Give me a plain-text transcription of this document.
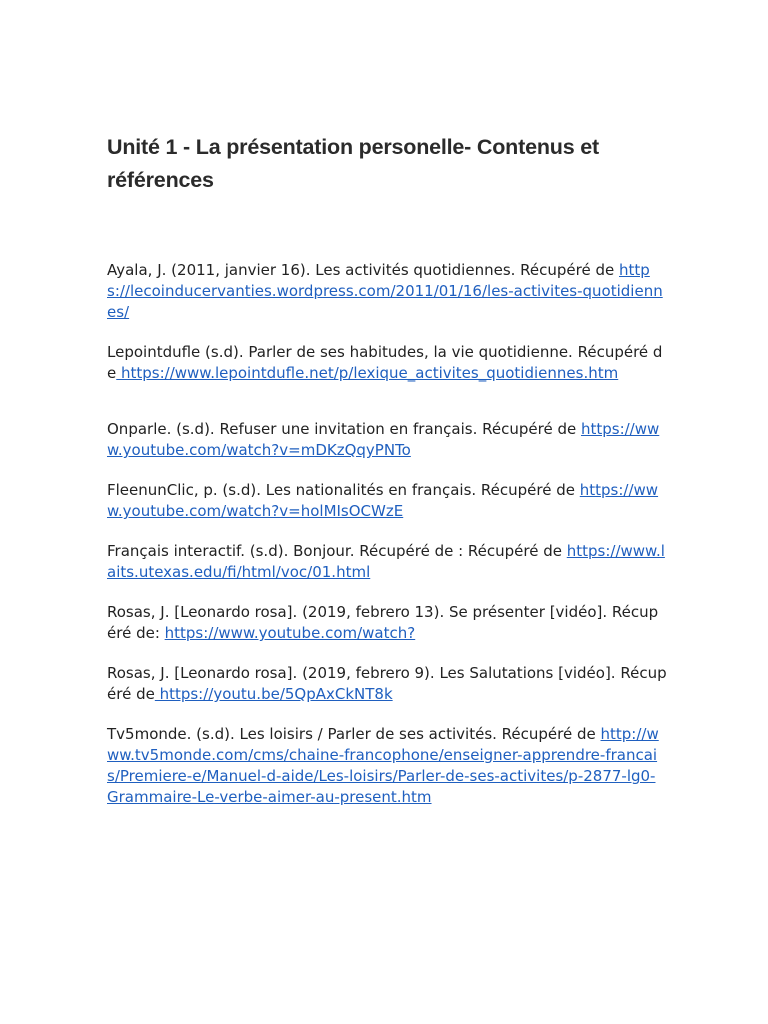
Unité 1 - La présentation personelle- Contenus et références

Ayala, J. (2011, janvier 16). Les activités quotidiennes. Récupéré de https://lecoinducervanties.wordpress.com/2011/01/16/les-activites-quotidiennes/

Lepointdufle (s.d). Parler de ses habitudes, la vie quotidienne. Récupéré de https://www.lepointdufle.net/p/lexique_activites_quotidiennes.htm

Onparle. (s.d). Refuser une invitation en français. Récupéré de https://www.youtube.com/watch?v=mDKzQqyPNTo

FleenunClic, p. (s.d). Les nationalités en français. Récupéré de https://www.youtube.com/watch?v=holMIsOCWzE

Français interactif. (s.d). Bonjour. Récupéré de : Récupéré de https://www.laits.utexas.edu/fi/html/voc/01.html

Rosas, J. [Leonardo rosa]. (2019, febrero 13). Se présenter [vidéo]. Récupéré de: https://www.youtube.com/watch?

Rosas, J. [Leonardo rosa]. (2019, febrero 9). Les Salutations [vidéo]. Récupéré de https://youtu.be/5QpAxCkNT8k

Tv5monde. (s.d). Les loisirs / Parler de ses activités. Récupéré de http://www.tv5monde.com/cms/chaine-francophone/enseigner-apprendre-francais/Premiere-e/Manuel-d-aide/Les-loisirs/Parler-de-ses-activites/p-2877-lg0-Grammaire-Le-verbe-aimer-au-present.htm
